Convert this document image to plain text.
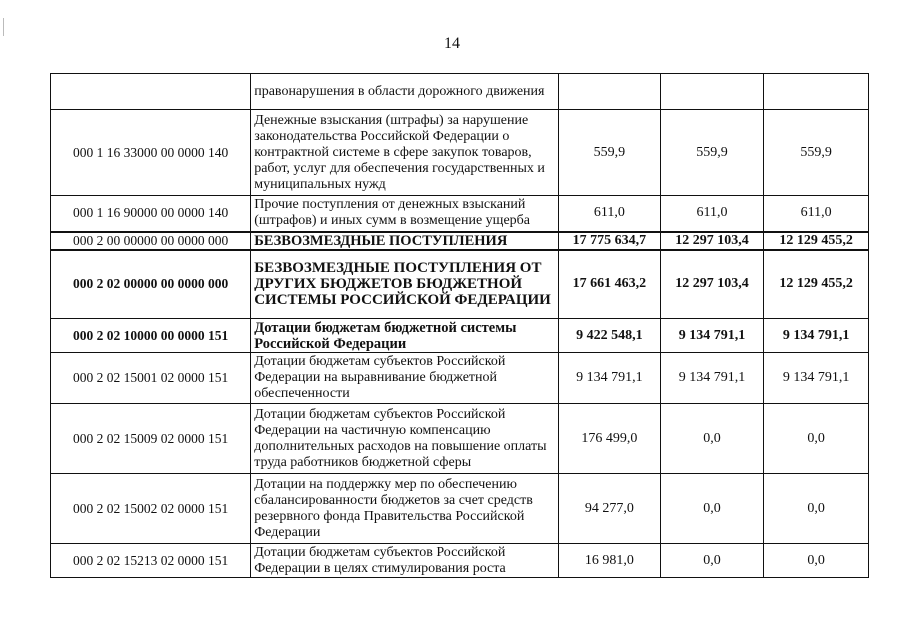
14
	правонарушения в области дорожного движения			
000 1 16 33000 00 0000 140	Денежные взыскания (штрафы) за нарушение законодательства Российской Федерации о контрактной системе в сфере закупок товаров, работ, услуг для обеспечения государственных и муниципальных нужд	559,9	559,9	559,9
000 1 16 90000 00 0000 140	Прочие поступления от денежных взысканий (штрафов) и иных сумм в возмещение ущерба	611,0	611,0	611,0
000 2 00 00000 00 0000 000	БЕЗВОЗМЕЗДНЫЕ ПОСТУПЛЕНИЯ	17 775 634,7	12 297 103,4	12 129 455,2
000 2 02 00000 00 0000 000	БЕЗВОЗМЕЗДНЫЕ ПОСТУПЛЕНИЯ ОТ ДРУГИХ БЮДЖЕТОВ БЮДЖЕТНОЙ СИСТЕМЫ РОССИЙСКОЙ ФЕДЕРАЦИИ	17 661 463,2	12 297 103,4	12 129 455,2
000 2 02 10000 00 0000 151	Дотации бюджетам бюджетной системы Российской Федерации	9 422 548,1	9 134 791,1	9 134 791,1
000 2 02 15001 02 0000 151	Дотации бюджетам субъектов Российской Федерации на выравнивание бюджетной обеспеченности	9 134 791,1	9 134 791,1	9 134 791,1
000 2 02 15009 02 0000 151	Дотации бюджетам субъектов Российской Федерации на частичную компенсацию дополнительных расходов на повышение оплаты труда работников бюджетной сферы	176 499,0	0,0	0,0
000 2 02 15002 02 0000 151	Дотации на поддержку мер по обеспечению сбалансированности бюджетов за счет средств резервного фонда Правительства Российской Федерации	94 277,0	0,0	0,0
000 2 02 15213 02 0000 151	Дотации бюджетам субъектов Российской Федерации в целях стимулирования роста	16 981,0	0,0	0,0
